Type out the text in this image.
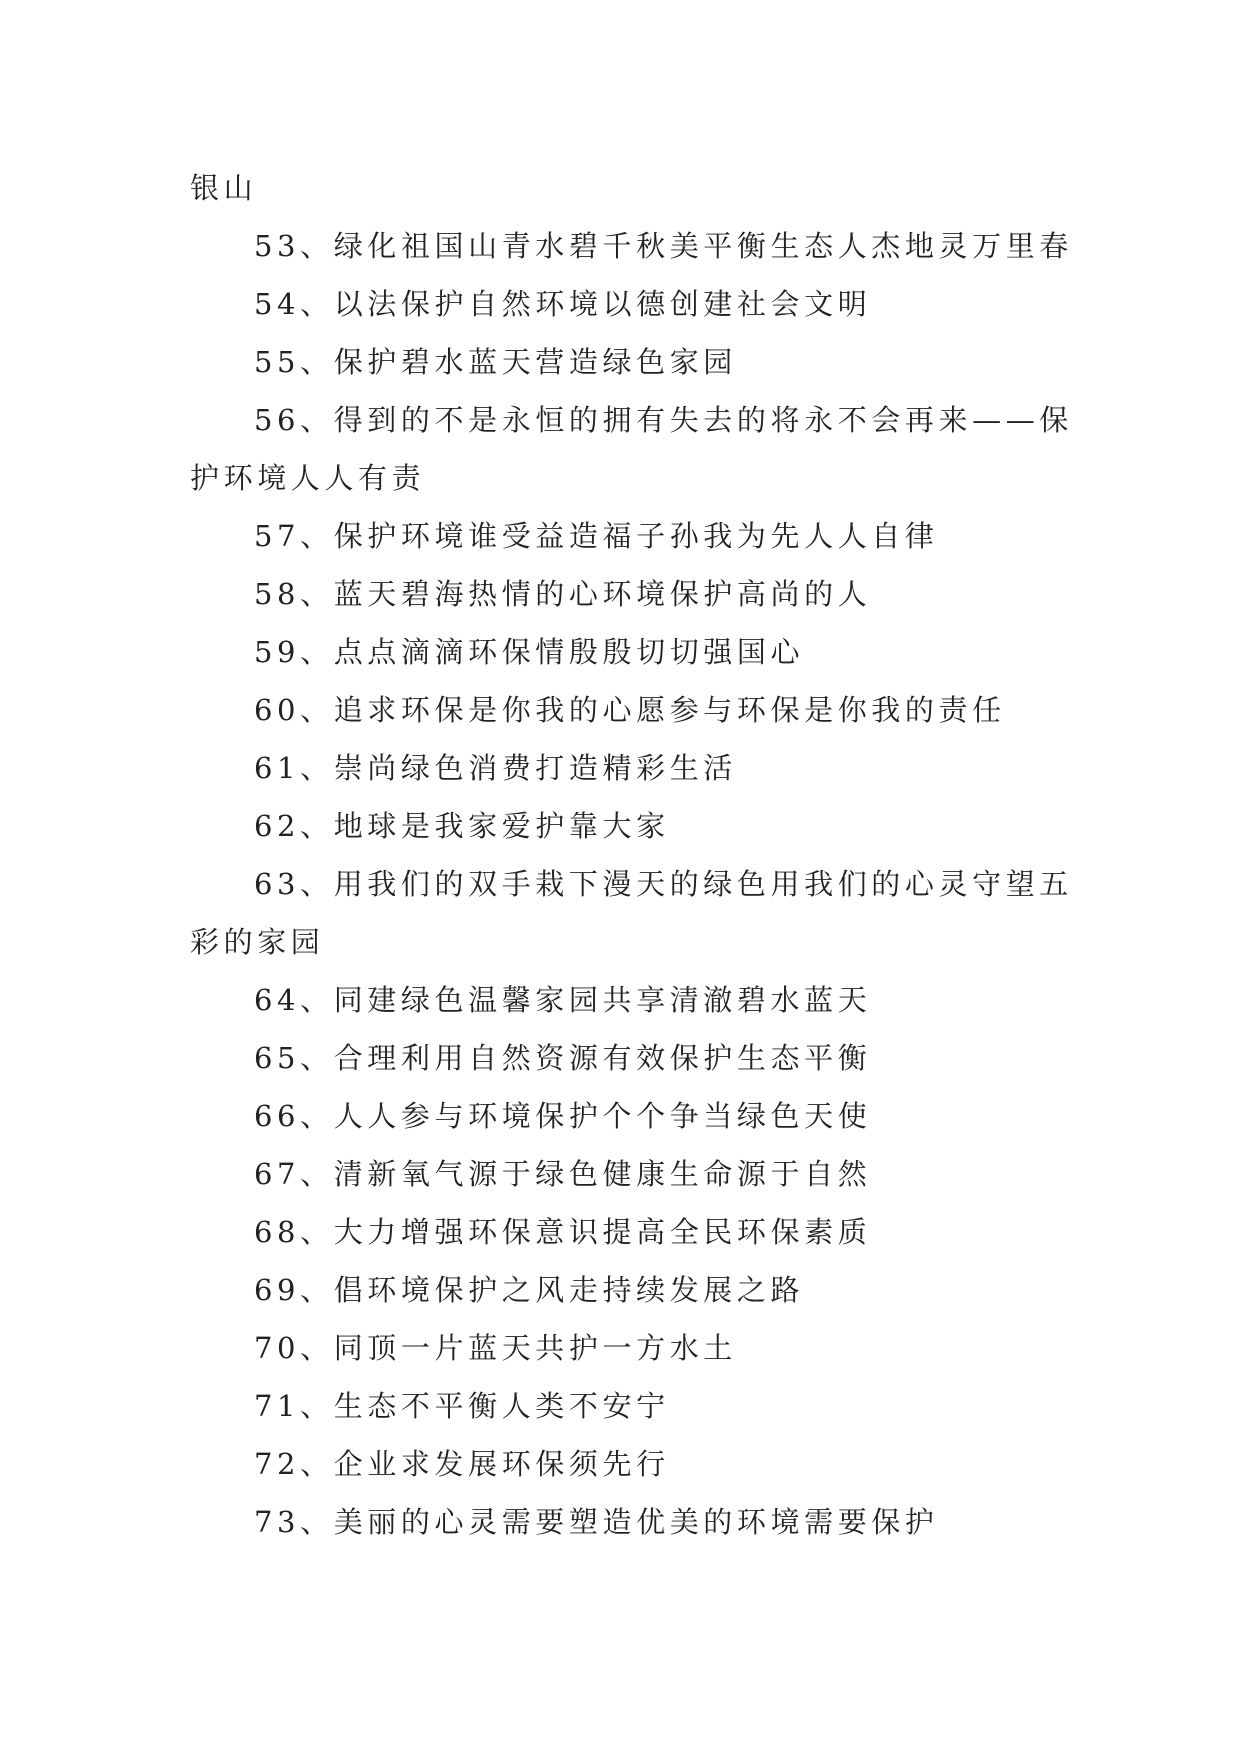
银山
53、绿化祖国山青水碧千秋美平衡生态人杰地灵万里春
54、以法保护自然环境以德创建社会文明
55、保护碧水蓝天营造绿色家园
56、得到的不是永恒的拥有失去的将永不会再来——保
护环境人人有责
57、保护环境谁受益造福子孙我为先人人自律
58、蓝天碧海热情的心环境保护高尚的人
59、点点滴滴环保情殷殷切切强国心
60、追求环保是你我的心愿参与环保是你我的责任
61、崇尚绿色消费打造精彩生活
62、地球是我家爱护靠大家
63、用我们的双手栽下漫天的绿色用我们的心灵守望五
彩的家园
64、同建绿色温馨家园共享清澈碧水蓝天
65、合理利用自然资源有效保护生态平衡
66、人人参与环境保护个个争当绿色天使
67、清新氧气源于绿色健康生命源于自然
68、大力增强环保意识提高全民环保素质
69、倡环境保护之风走持续发展之路
70、同顶一片蓝天共护一方水土
71、生态不平衡人类不安宁
72、企业求发展环保须先行
73、美丽的心灵需要塑造优美的环境需要保护
